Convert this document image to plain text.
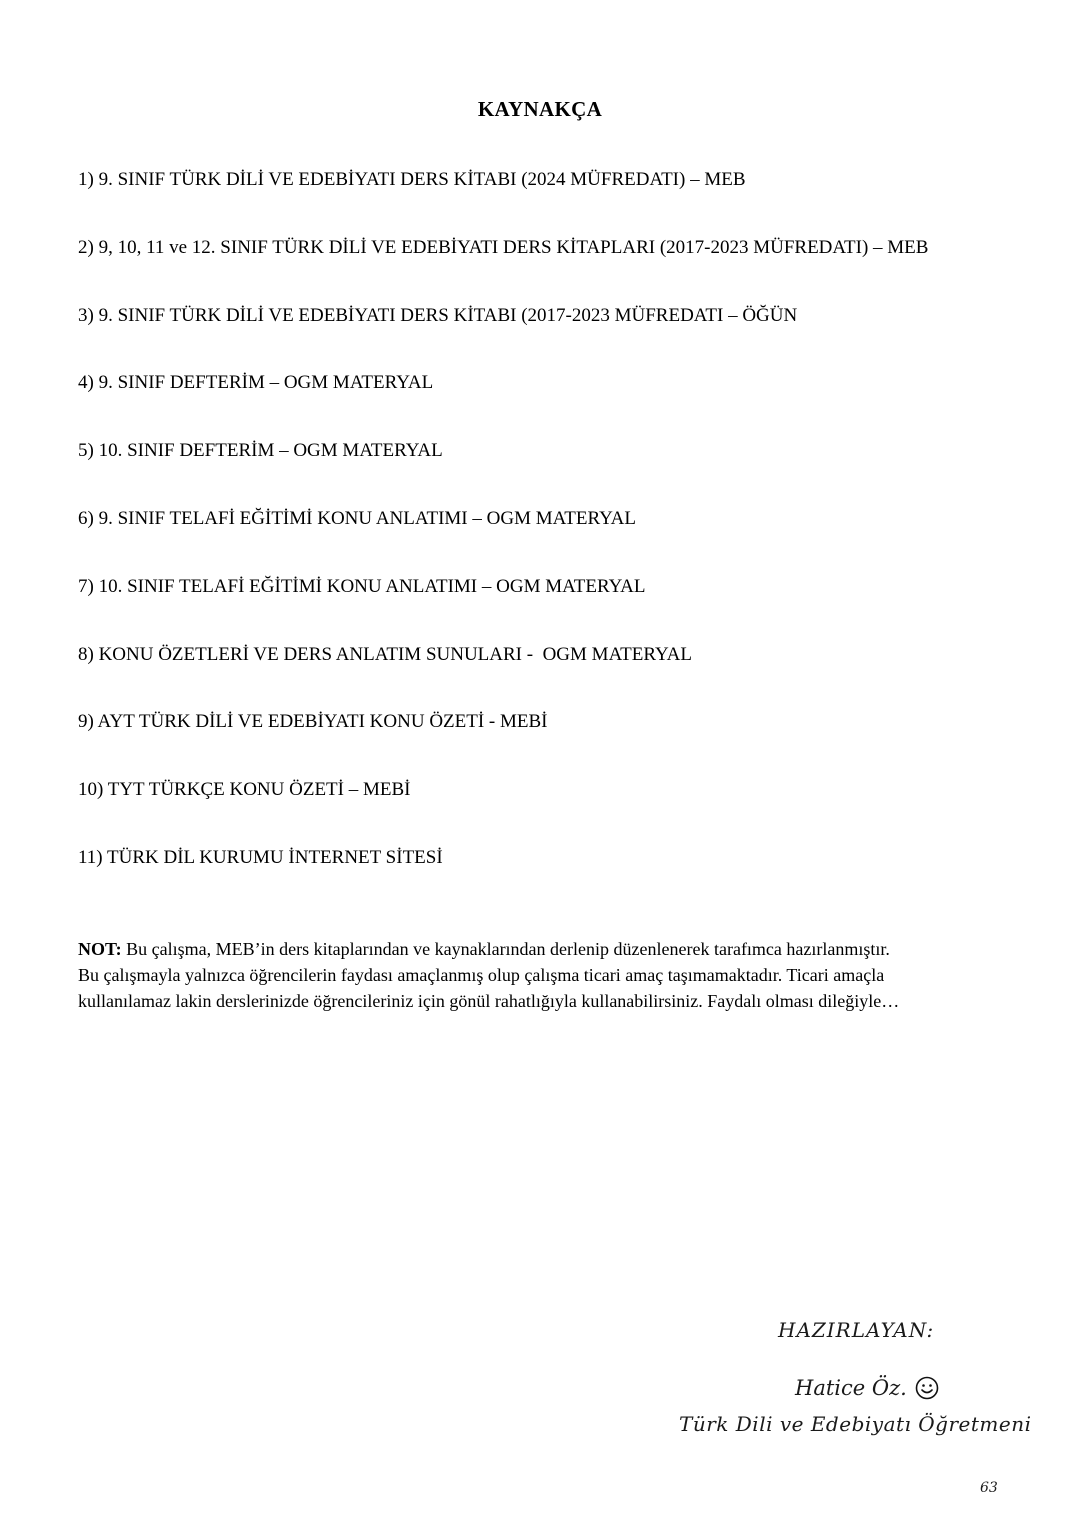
KAYNAKÇA
1) 9. SINIF TÜRK DİLİ VE EDEBİYATI DERS KİTABI (2024 MÜFREDATI) – MEB
2) 9, 10, 11 ve 12. SINIF TÜRK DİLİ VE EDEBİYATI DERS KİTAPLARI (2017-2023 MÜFREDATI) – MEB
3) 9. SINIF TÜRK DİLİ VE EDEBİYATI DERS KİTABI (2017-2023 MÜFREDATI – ÖĞÜN
4) 9. SINIF DEFTERİM – OGM MATERYAL
5) 10. SINIF DEFTERİM – OGM MATERYAL
6) 9. SINIF TELAFİ EĞİTİMİ KONU ANLATIMI – OGM MATERYAL
7) 10. SINIF TELAFİ EĞİTİMİ KONU ANLATIMI – OGM MATERYAL
8) KONU ÖZETLERİ VE DERS ANLATIM SUNULARI -  OGM MATERYAL
9) AYT TÜRK DİLİ VE EDEBİYATI KONU ÖZETİ - MEBİ
10) TYT TÜRKÇE KONU ÖZETİ – MEBİ
11) TÜRK DİL KURUMU İNTERNET SİTESİ
NOT: Bu çalışma, MEB’in ders kitaplarından ve kaynaklarından derlenip düzenlenerek tarafımca hazırlanmıştır.
Bu çalışmayla yalnızca öğrencilerin faydası amaçlanmış olup çalışma ticari amaç taşımamaktadır. Ticari amaçla
kullanılamaz lakin derslerinizde öğrencileriniz için gönül rahatlığıyla kullanabilirsiniz. Faydalı olması dileğiyle…
HAZIRLAYAN:
Hatice Öz.
Türk Dili ve Edebiyatı Öğretmeni
63
